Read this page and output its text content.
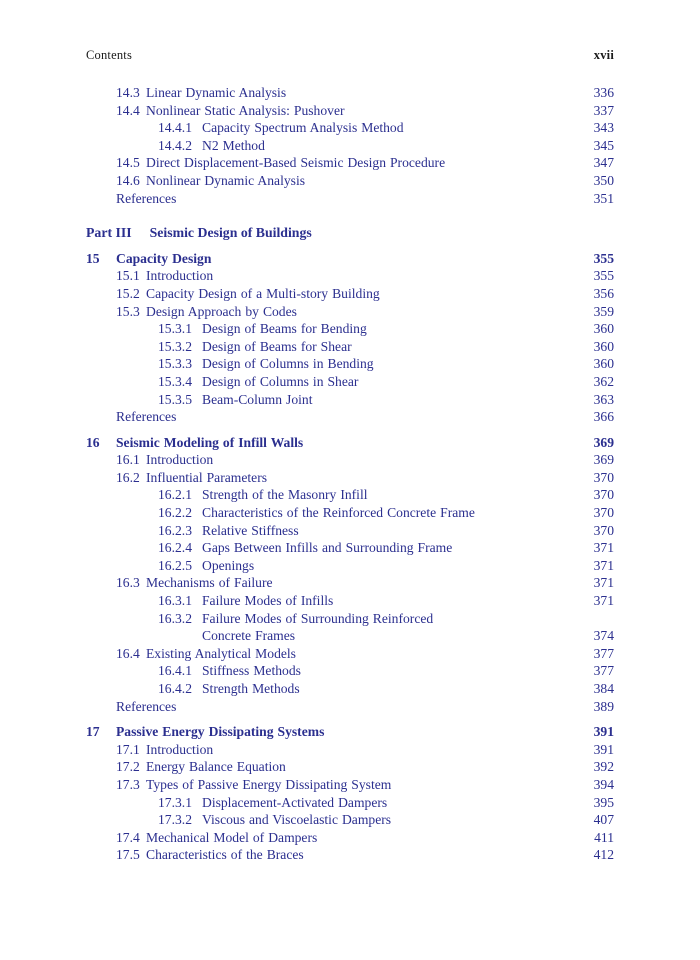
Contents	xvii
14.3 Linear Dynamic Analysis .....	336
14.4 Nonlinear Static Analysis: Pushover .....	337
14.4.1 Capacity Spectrum Analysis Method .....	343
14.4.2 N2 Method .....	345
14.5 Direct Displacement-Based Seismic Design Procedure .....	347
14.6 Nonlinear Dynamic Analysis .....	350
References .....	351
Part III Seismic Design of Buildings
15	Capacity Design .....	355
15.1 Introduction .....	355
15.2 Capacity Design of a Multi-story Building .....	356
15.3 Design Approach by Codes .....	359
15.3.1 Design of Beams for Bending .....	360
15.3.2 Design of Beams for Shear .....	360
15.3.3 Design of Columns in Bending .....	360
15.3.4 Design of Columns in Shear .....	362
15.3.5 Beam-Column Joint .....	363
References .....	366
16	Seismic Modeling of Infill Walls .....	369
16.1 Introduction .....	369
16.2 Influential Parameters .....	370
16.2.1 Strength of the Masonry Infill .....	370
16.2.2 Characteristics of the Reinforced Concrete Frame .....	370
16.2.3 Relative Stiffness .....	370
16.2.4 Gaps Between Infills and Surrounding Frame .....	371
16.2.5 Openings .....	371
16.3 Mechanisms of Failure .....	371
16.3.1 Failure Modes of Infills .....	371
16.3.2 Failure Modes of Surrounding Reinforced
Concrete Frames .....	374
16.4 Existing Analytical Models .....	377
16.4.1 Stiffness Methods .....	377
16.4.2 Strength Methods .....	384
References .....	389
17	Passive Energy Dissipating Systems .....	391
17.1 Introduction .....	391
17.2 Energy Balance Equation .....	392
17.3 Types of Passive Energy Dissipating System .....	394
17.3.1 Displacement-Activated Dampers .....	395
17.3.2 Viscous and Viscoelastic Dampers .....	407
17.4 Mechanical Model of Dampers .....	411
17.5 Characteristics of the Braces .....	412
